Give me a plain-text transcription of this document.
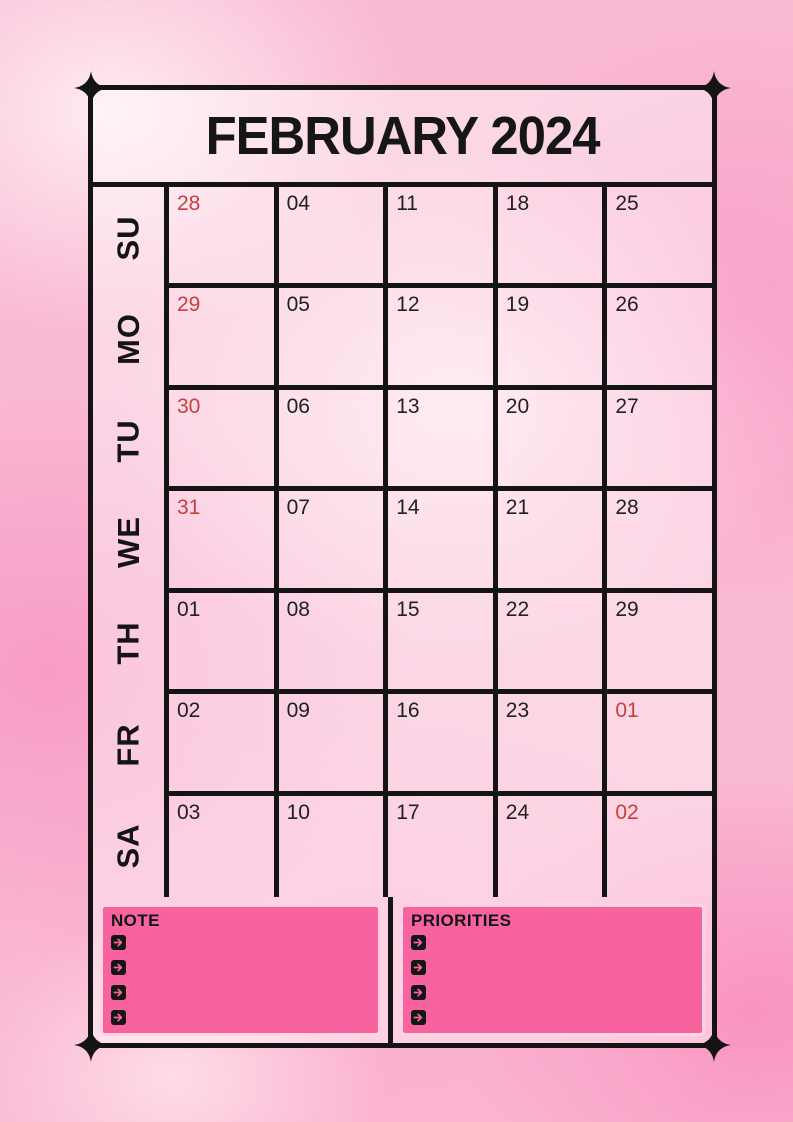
FEBRUARY 2024
SU
28	04	11	18	25
MO
29	05	12	19	26
TU
30	06	13	20	27
WE
31	07	14	21	28
TH
01	08	15	22	29
FR
02	09	16	23	01
SA
03	10	17	24	02
NOTE	PRIORITIES
